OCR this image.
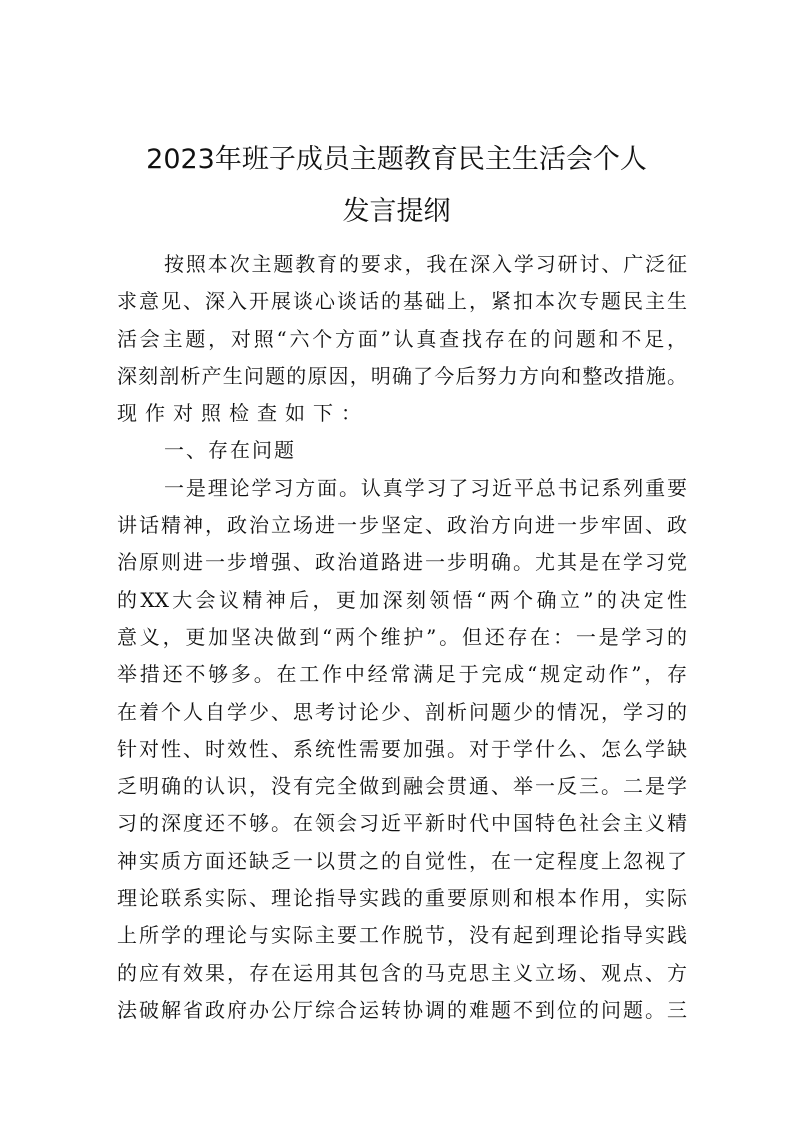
2023年班子成员主题教育民主生活会个人
发言提纲
按照本次主题教育的要求，我在深入学习研讨、广泛征
求意见、深入开展谈心谈话的基础上，紧扣本次专题民主生
活会主题，对照“六个方面”认真查找存在的问题和不足，
深刻剖析产生问题的原因，明确了今后努力方向和整改措施。
现作对照检查如下：
一、存在问题
一是理论学习方面。认真学习了习近平总书记系列重要
讲话精神，政治立场进一步坚定、政治方向进一步牢固、政
治原则进一步增强、政治道路进一步明确。尤其是在学习党
的XX大会议精神后，更加深刻领悟“两个确立”的决定性
意义，更加坚决做到“两个维护”。但还存在：一是学习的
举措还不够多。在工作中经常满足于完成“规定动作”，存
在着个人自学少、思考讨论少、剖析问题少的情况，学习的
针对性、时效性、系统性需要加强。对于学什么、怎么学缺
乏明确的认识，没有完全做到融会贯通、举一反三。二是学
习的深度还不够。在领会习近平新时代中国特色社会主义精
神实质方面还缺乏一以贯之的自觉性，在一定程度上忽视了
理论联系实际、理论指导实践的重要原则和根本作用，实际
上所学的理论与实际主要工作脱节，没有起到理论指导实践
的应有效果，存在运用其包含的马克思主义立场、观点、方
法破解省政府办公厅综合运转协调的难题不到位的问题。三
